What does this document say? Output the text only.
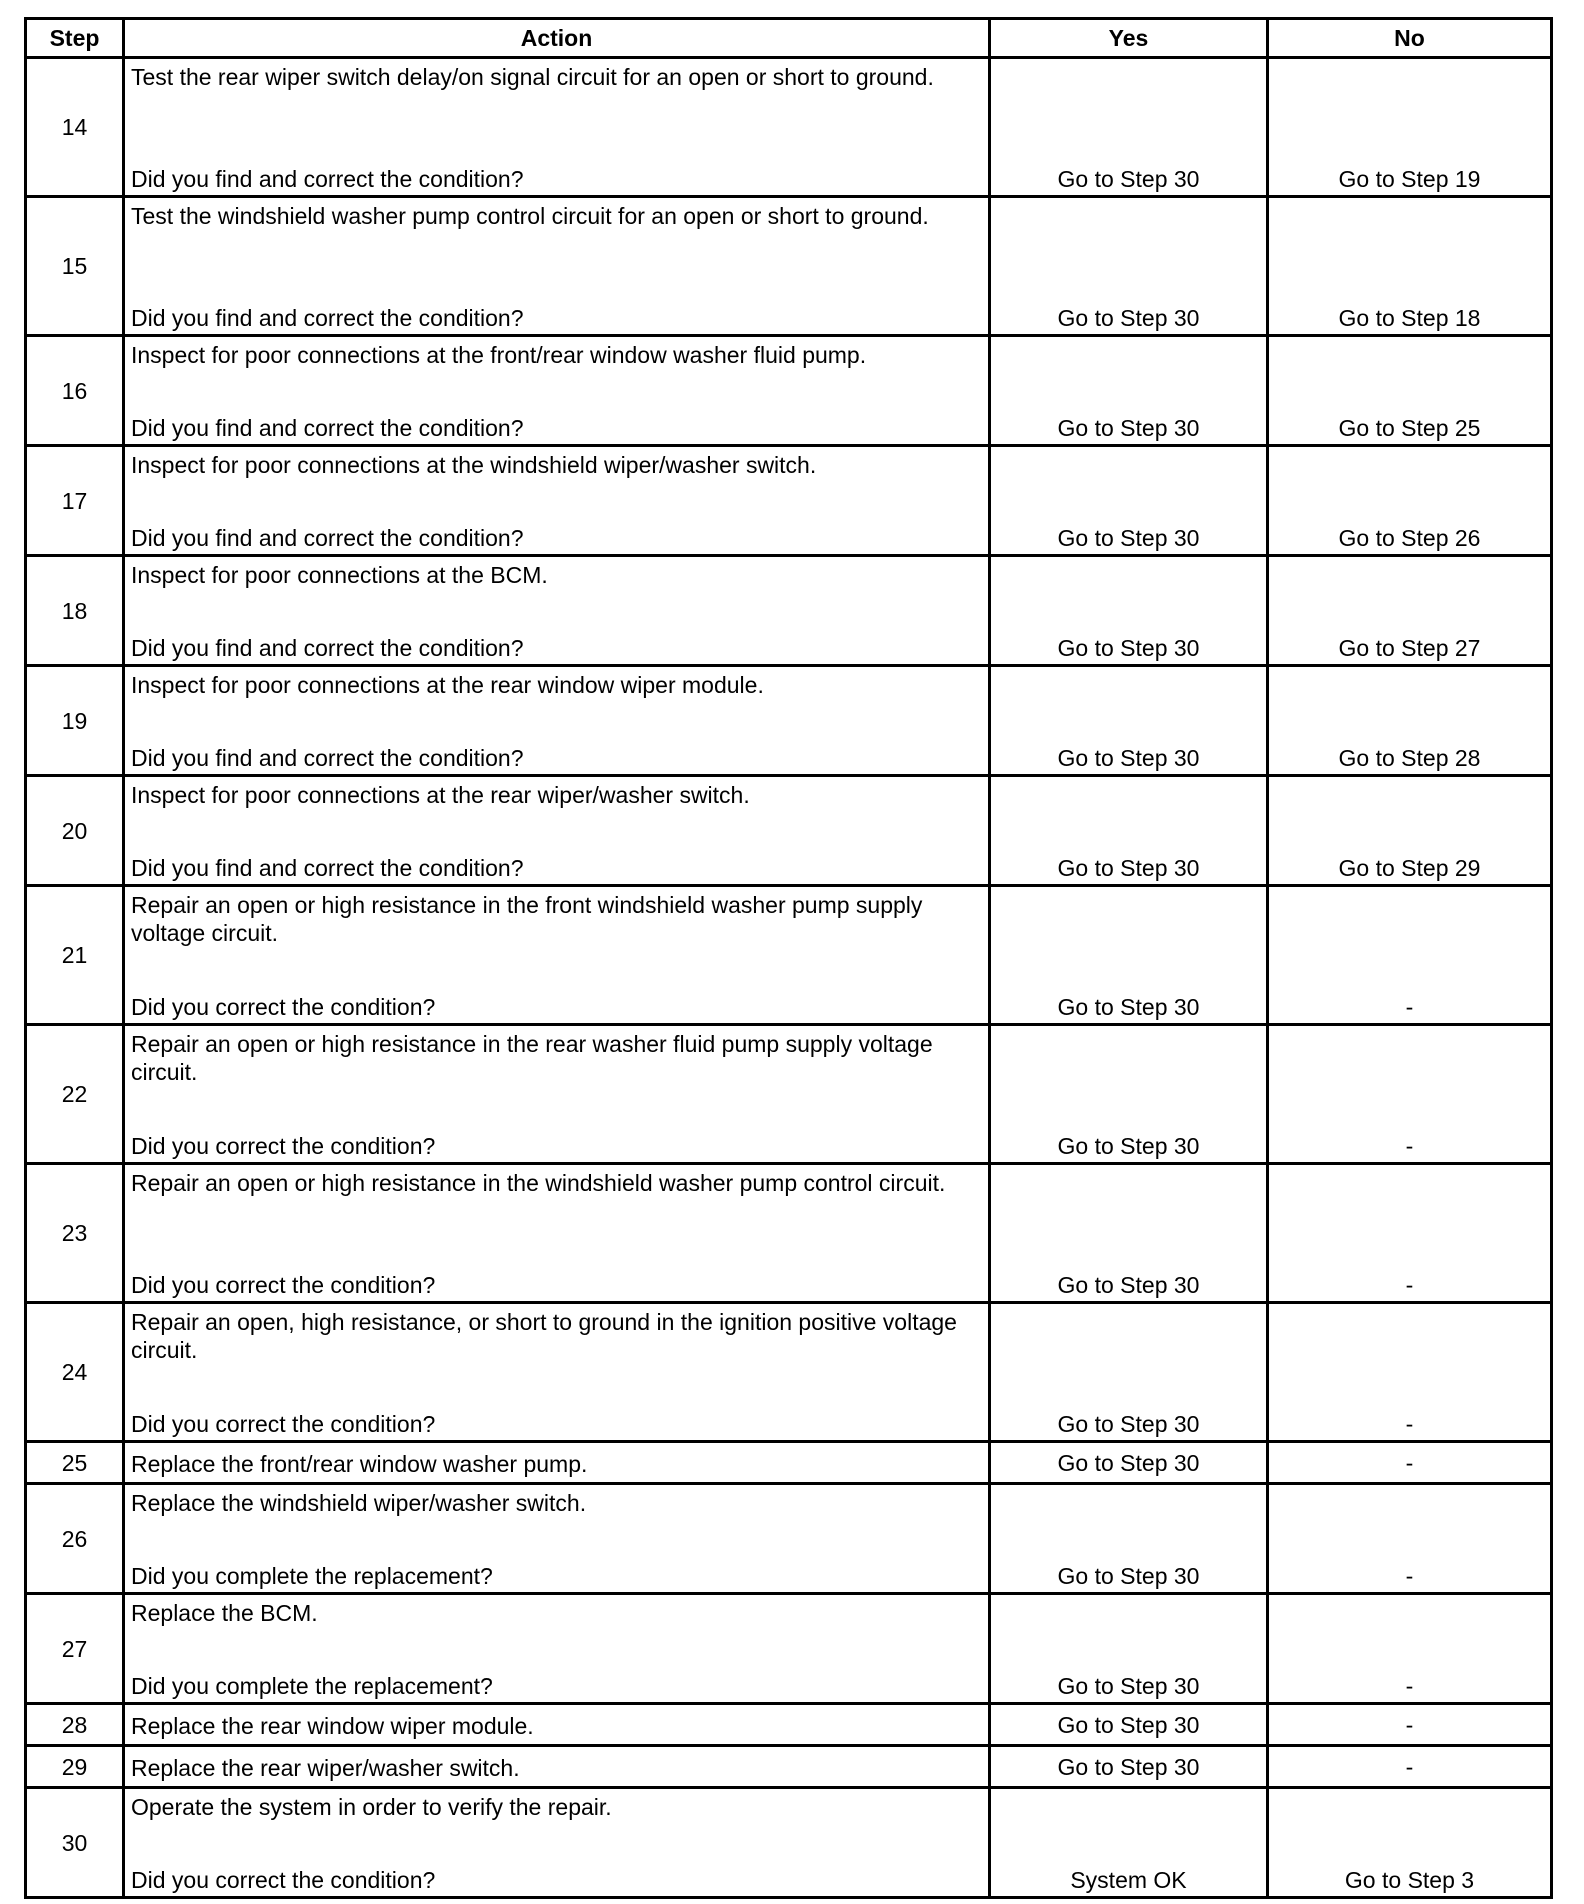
Step	Action	Yes	No
14	Test the rear wiper switch delay/on signal circuit for an open or short to ground.
Did you find and correct the condition?	Go to Step 30	Go to Step 19
15	Test the windshield washer pump control circuit for an open or short to ground.
Did you find and correct the condition?	Go to Step 30	Go to Step 18
16	Inspect for poor connections at the front/rear window washer fluid pump.
Did you find and correct the condition?	Go to Step 30	Go to Step 25
17	Inspect for poor connections at the windshield wiper/washer switch.
Did you find and correct the condition?	Go to Step 30	Go to Step 26
18	Inspect for poor connections at the BCM.
Did you find and correct the condition?	Go to Step 30	Go to Step 27
19	Inspect for poor connections at the rear window wiper module.
Did you find and correct the condition?	Go to Step 30	Go to Step 28
20	Inspect for poor connections at the rear wiper/washer switch.
Did you find and correct the condition?	Go to Step 30	Go to Step 29
21	Repair an open or high resistance in the front windshield washer pump supply voltage circuit.
Did you correct the condition?	Go to Step 30	-
22	Repair an open or high resistance in the rear washer fluid pump supply voltage circuit.
Did you correct the condition?	Go to Step 30	-
23	Repair an open or high resistance in the windshield washer pump control circuit.
Did you correct the condition?	Go to Step 30	-
24	Repair an open, high resistance, or short to ground in the ignition positive voltage circuit.
Did you correct the condition?	Go to Step 30	-
25	Replace the front/rear window washer pump.	Go to Step 30	-
26	Replace the windshield wiper/washer switch.
Did you complete the replacement?	Go to Step 30	-
27	Replace the BCM.
Did you complete the replacement?	Go to Step 30	-
28	Replace the rear window wiper module.	Go to Step 30	-
29	Replace the rear wiper/washer switch.	Go to Step 30	-
30	Operate the system in order to verify the repair.
Did you correct the condition?	System OK	Go to Step 3
